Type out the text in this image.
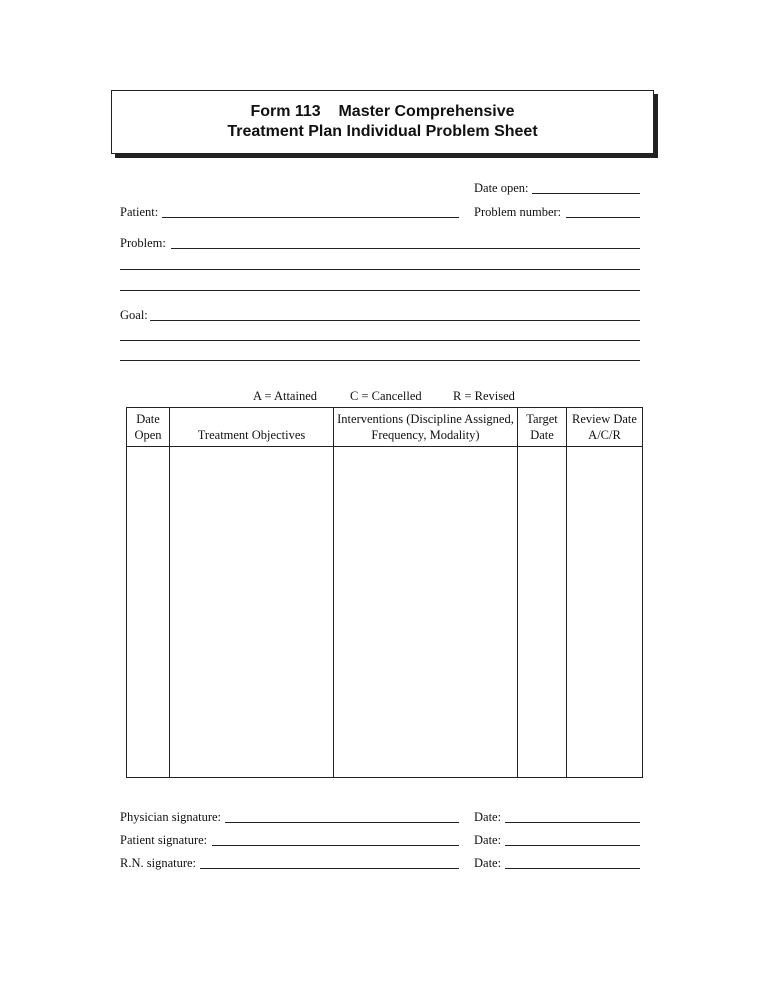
Form 113    Master Comprehensive
Treatment Plan Individual Problem Sheet
Date open:
Patient:	Problem number:
Problem:
Goal:
A = Attained	C = Cancelled	R = Revised
Date Open	Treatment Objectives	Interventions (Discipline Assigned, Frequency, Modality)	Target Date	Review Date A/C/R

Physician signature:	Date:
Patient signature:	Date:
R.N. signature:	Date:
